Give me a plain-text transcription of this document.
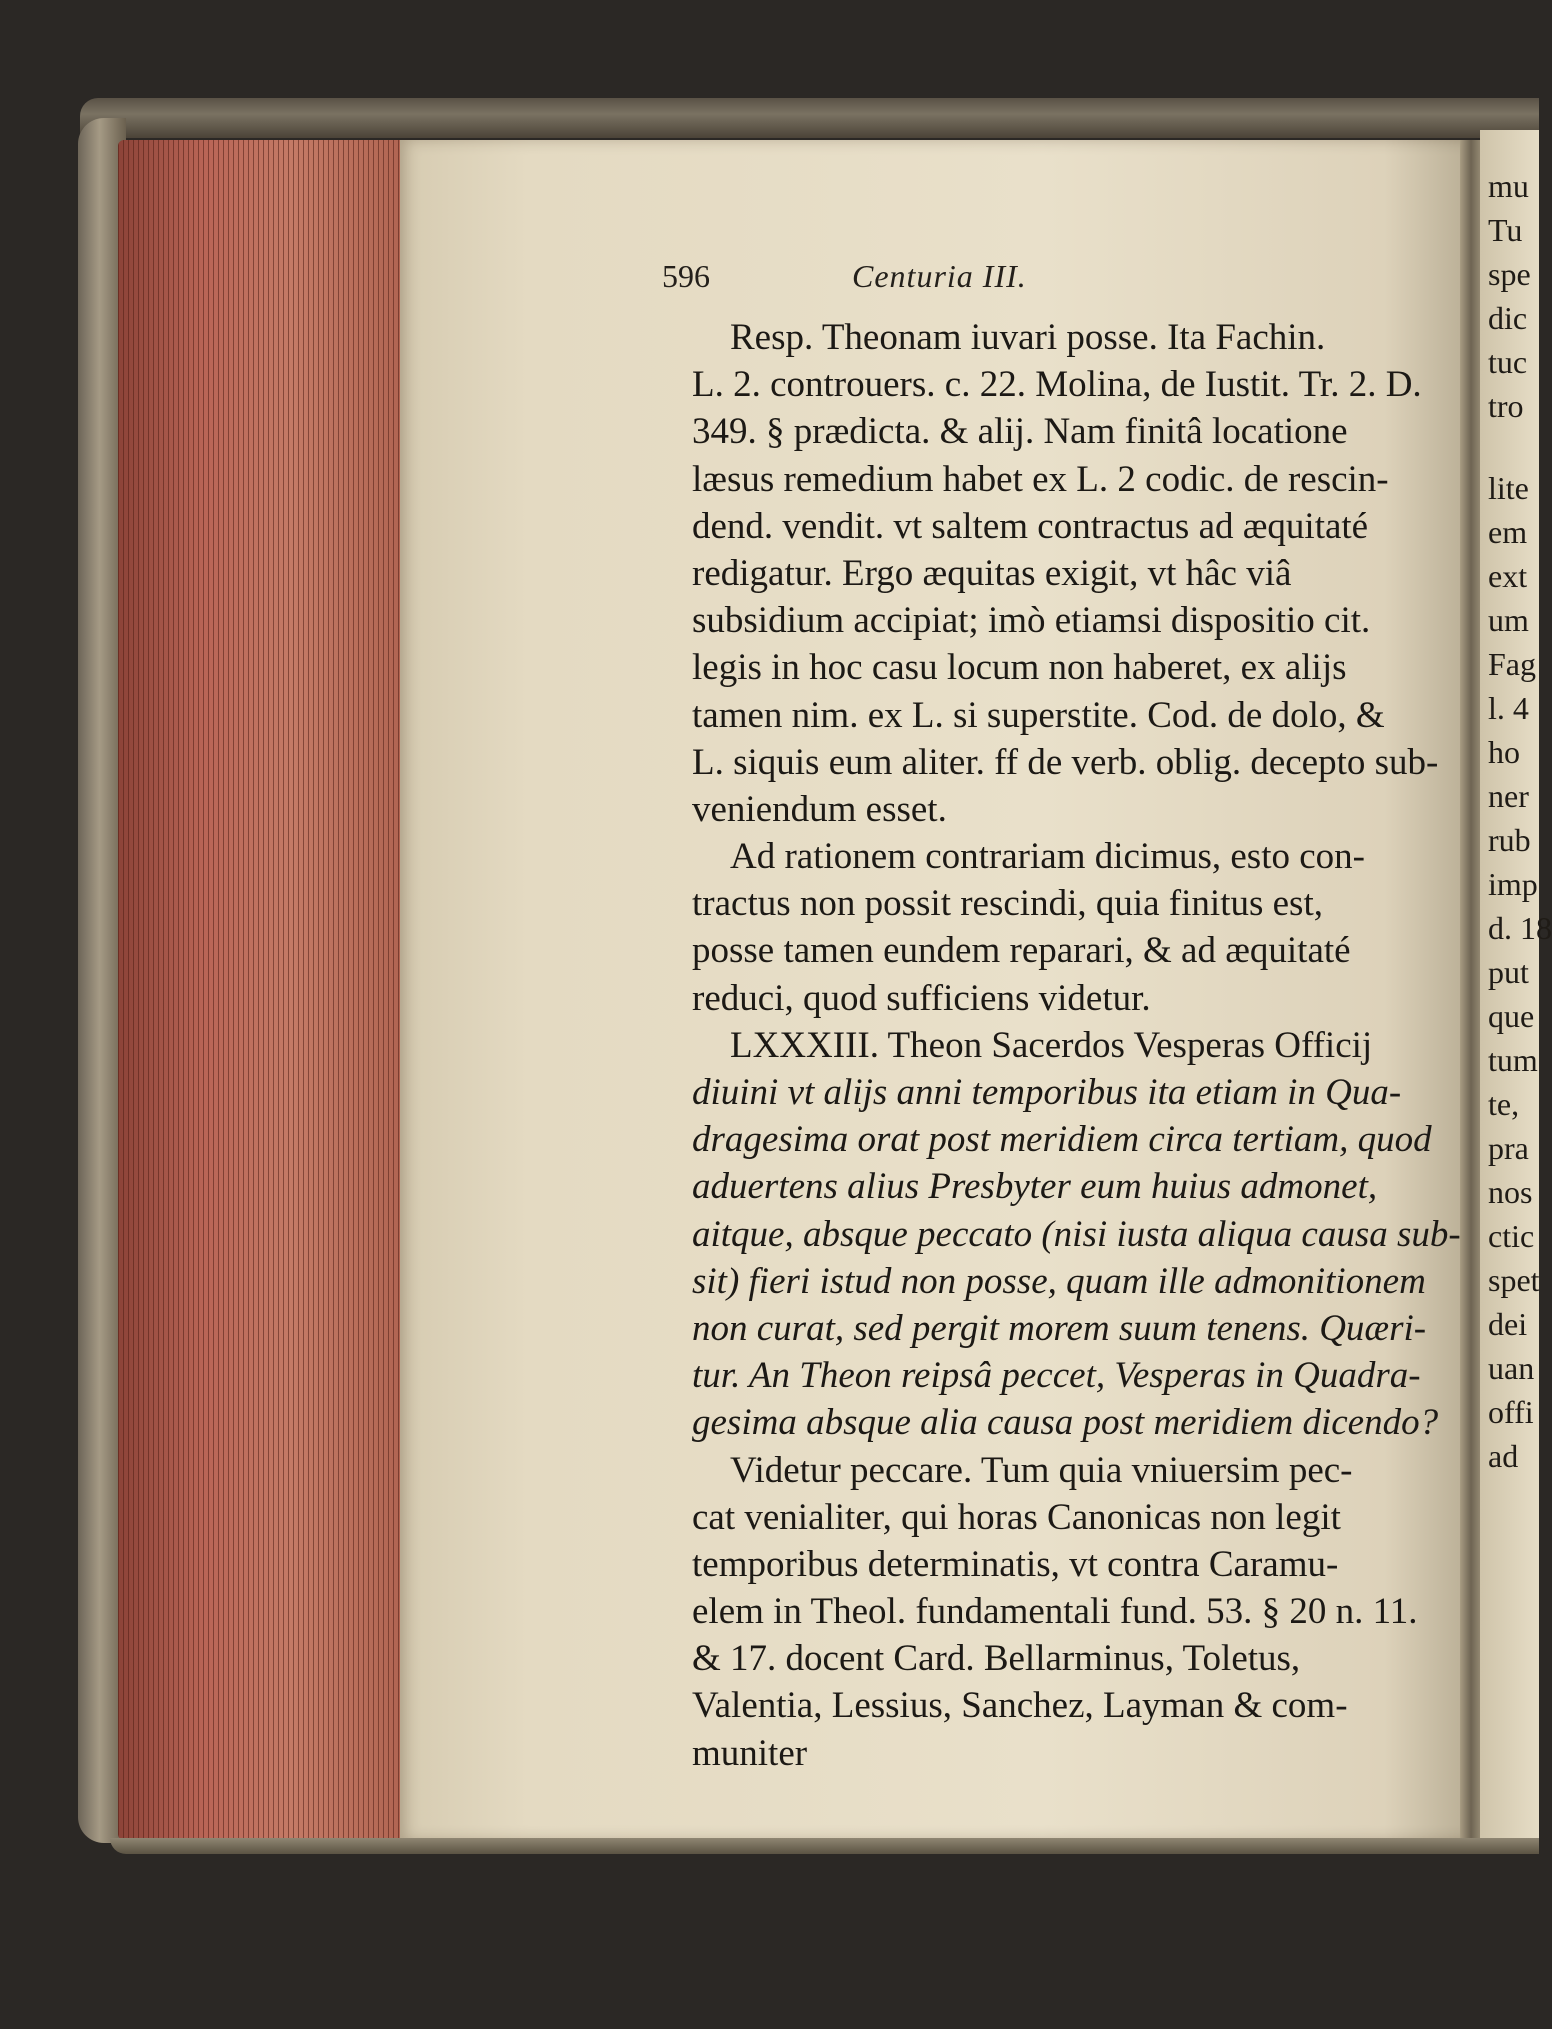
mu
Tu
spe
dic
tuc
tro
lite
em
ext
um
Fag
l. 4
ho
ner
rub
imp
d. 18
put
que
tum
te,
pra
nos
ctic
spet
dei
uan
offi
ad
596	Centuria III.
Resp. Theonam iuvari posse. Ita Fachin.
L. 2. controuers. c. 22. Molina, de Iustit. Tr. 2. D.
349. § prædicta. & alij. Nam finitâ locatione
læsus remedium habet ex L. 2 codic. de rescin-
dend. vendit. vt saltem contractus ad æquitaté
redigatur. Ergo æquitas exigit, vt hâc viâ
subsidium accipiat; imò etiamsi dispositio cit.
legis in hoc casu locum non haberet, ex alijs
tamen nim. ex L. si superstite. Cod. de dolo, &
L. siquis eum aliter. ff de verb. oblig. decepto sub-
veniendum esset.
Ad rationem contrariam dicimus, esto con-
tractus non possit rescindi, quia finitus est,
posse tamen eundem reparari, & ad æquitaté
reduci, quod sufficiens videtur.
LXXXIII. Theon Sacerdos Vesperas Officij
diuini vt alijs anni temporibus ita etiam in Qua-
dragesima orat post meridiem circa tertiam, quod
aduertens alius Presbyter eum huius admonet,
aitque, absque peccato (nisi iusta aliqua causa sub-
sit) fieri istud non posse, quam ille admonitionem
non curat, sed pergit morem suum tenens. Quæri-
tur. An Theon reipsâ peccet, Vesperas in Quadra-
gesima absque alia causa post meridiem dicendo?
Videtur peccare. Tum quia vniuersim pec-
cat venialiter, qui horas Canonicas non legit
temporibus determinatis, vt contra Caramu-
elem in Theol. fundamentali fund. 53. § 20 n. 11.
& 17. docent Card. Bellarminus, Toletus,
Valentia, Lessius, Sanchez, Layman & com-
muniter
